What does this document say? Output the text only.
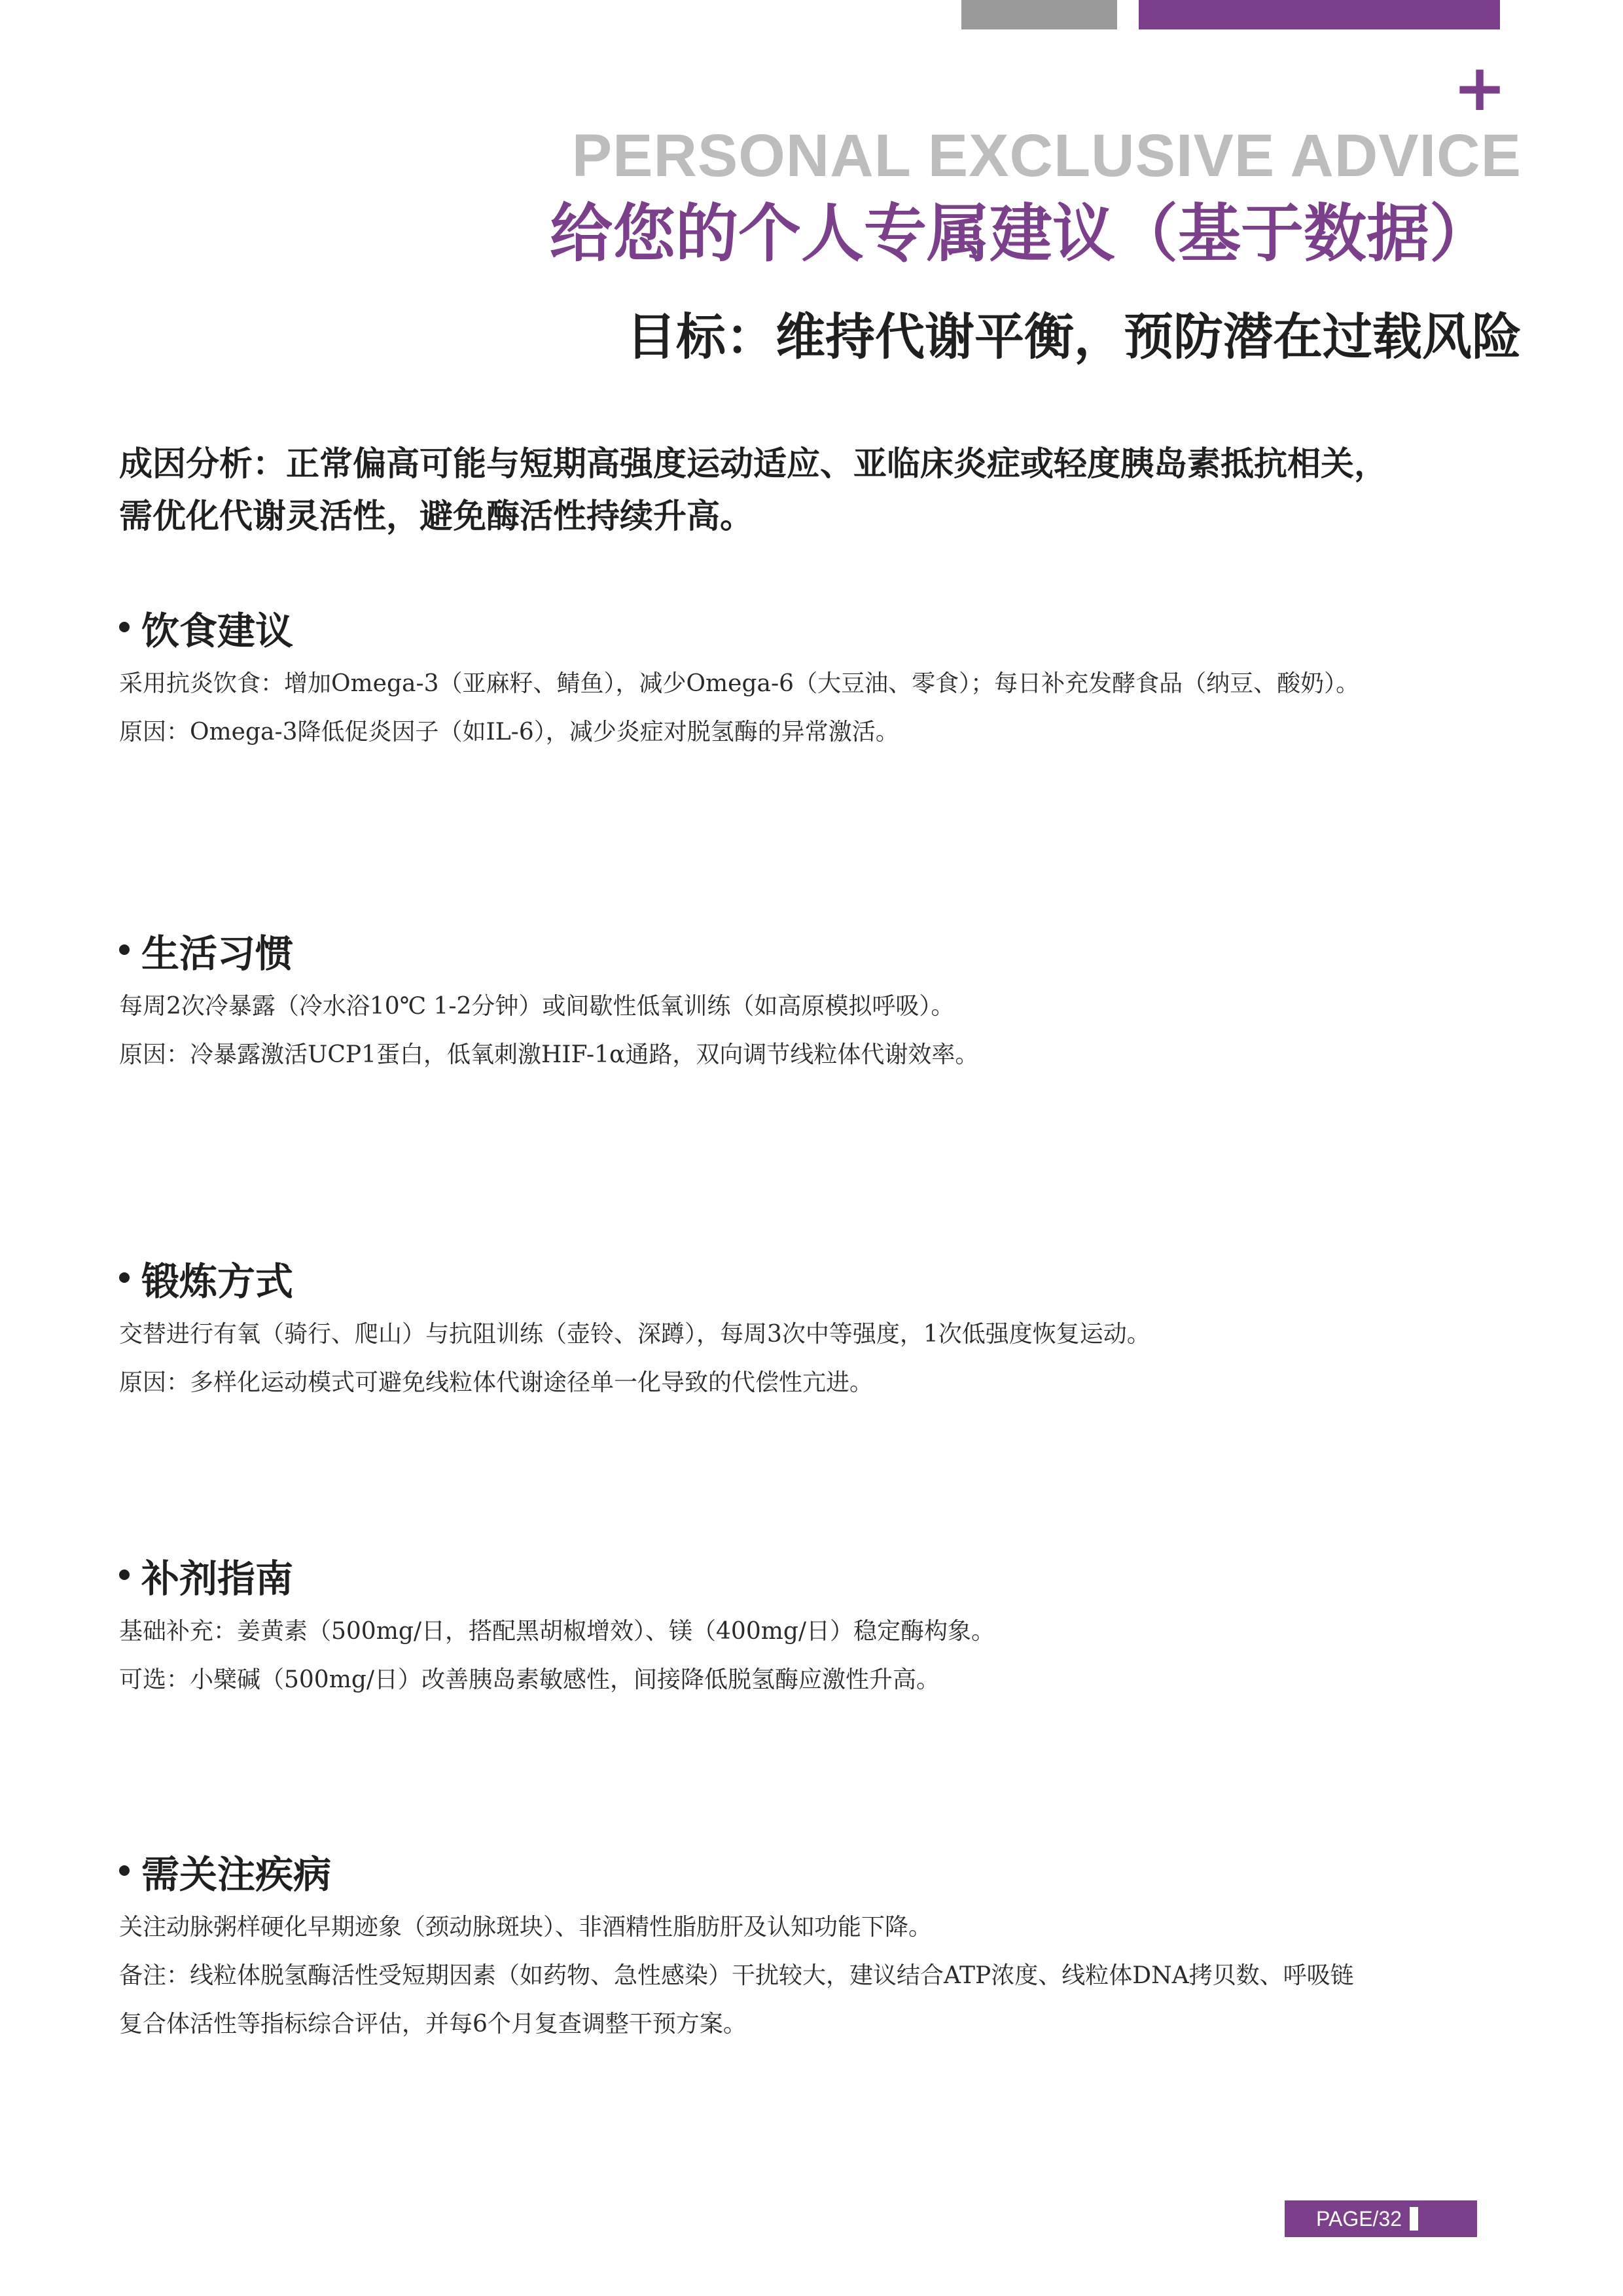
+
PERSONAL EXCLUSIVE ADVICE
给您的个人专属建议（基于数据）
目标：维持代谢平衡，预防潜在过载风险
成因分析：正常偏高可能与短期高强度运动适应、亚临床炎症或轻度胰岛素抵抗相关，
需优化代谢灵活性，避免酶活性持续升高。
饮食建议

采用抗炎饮食：增加Omega-3（亚麻籽、鲭鱼），减少Omega-6（大豆油、零食）；每日补充发酵食品（纳豆、酸奶）。

原因：Omega-3降低促炎因子（如IL-6），减少炎症对脱氢酶的异常激活。

生活习惯

每周2次冷暴露（冷水浴10℃ 1-2分钟）或间歇性低氧训练（如高原模拟呼吸）。

原因：冷暴露激活UCP1蛋白，低氧刺激HIF-1α通路，双向调节线粒体代谢效率。

锻炼方式

交替进行有氧（骑行、爬山）与抗阻训练（壶铃、深蹲），每周3次中等强度，1次低强度恢复运动。

原因：多样化运动模式可避免线粒体代谢途径单一化导致的代偿性亢进。

补剂指南

基础补充：姜黄素（500mg/日，搭配黑胡椒增效）、镁（400mg/日）稳定酶构象。

可选：小檗碱（500mg/日）改善胰岛素敏感性，间接降低脱氢酶应激性升高。

需关注疾病

关注动脉粥样硬化早期迹象（颈动脉斑块）、非酒精性脂肪肝及认知功能下降。

备注：线粒体脱氢酶活性受短期因素（如药物、急性感染）干扰较大，建议结合ATP浓度、线粒体DNA拷贝数、呼吸链

复合体活性等指标综合评估，并每6个月复查调整干预方案。

PAGE/32
